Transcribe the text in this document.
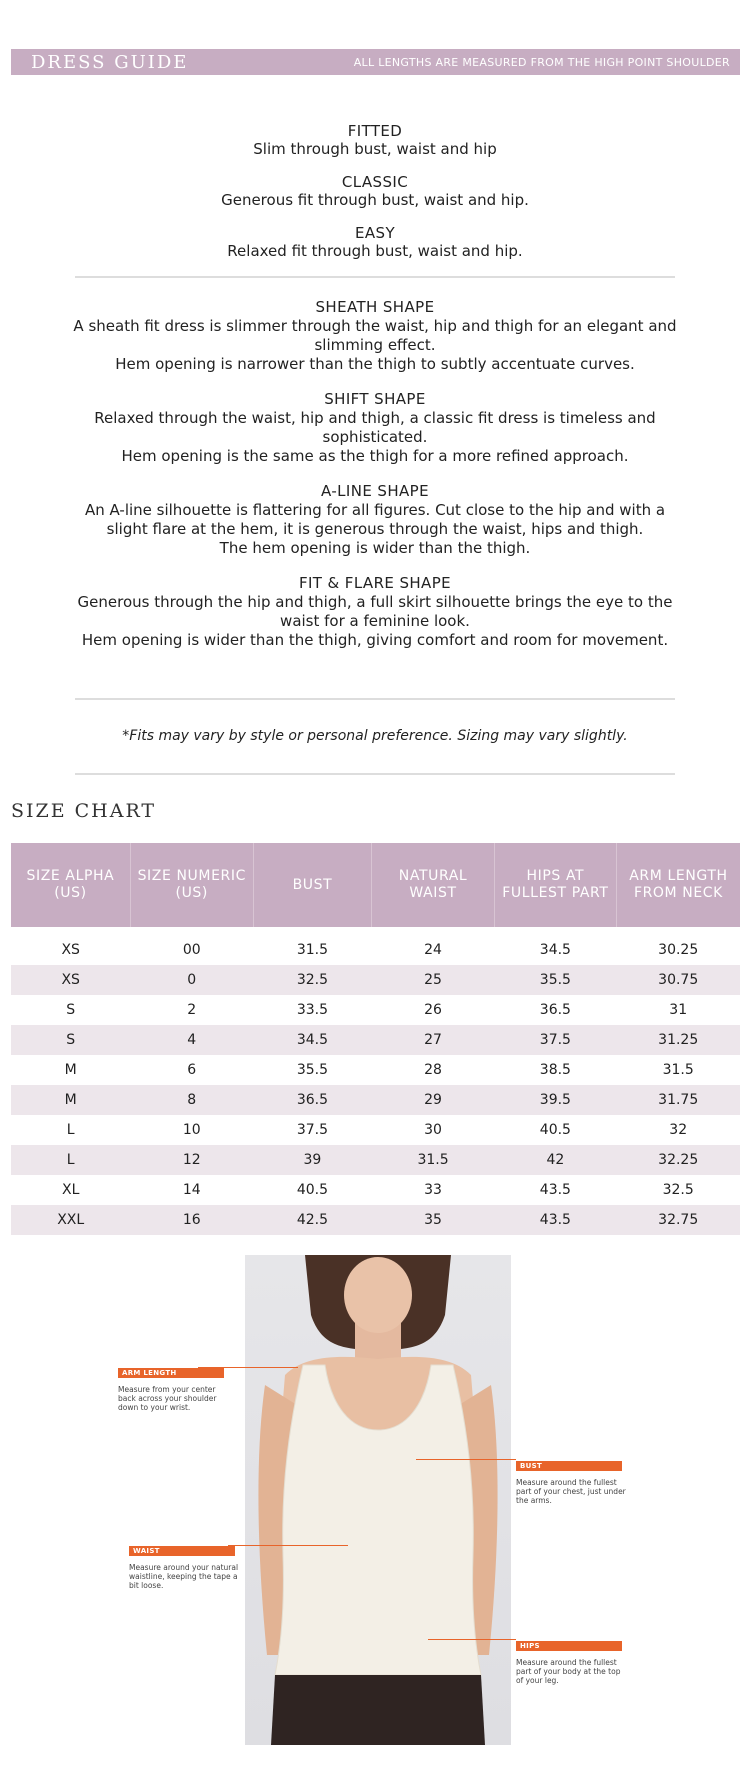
DRESS GUIDE	ALL LENGTHS ARE MEASURED FROM THE HIGH POINT SHOULDER
FITTED
Slim through bust, waist and hip
CLASSIC
Generous fit through bust, waist and hip.
EASY
Relaxed fit through bust, waist and hip.
SHEATH SHAPE
A sheath fit dress is slimmer through the waist, hip and thigh for an elegant and slimming effect.
Hem opening is narrower than the thigh to subtly accentuate curves.
SHIFT SHAPE
Relaxed through the waist, hip and thigh, a classic fit dress is timeless and sophisticated.
Hem opening is the same as the thigh for a more refined approach.
A-LINE SHAPE
An A-line silhouette is flattering for all figures. Cut close to the hip and with a slight flare at the hem, it is generous through the waist, hips and thigh.
The hem opening is wider than the thigh.
FIT & FLARE SHAPE
Generous through the hip and thigh, a full skirt silhouette brings the eye to the waist for a feminine look.
Hem opening is wider than the thigh, giving comfort and room for movement.
*Fits may vary by style or personal preference. Sizing may vary slightly.
SIZE CHART
SIZE ALPHA (US)	SIZE NUMERIC (US)	BUST	NATURAL WAIST	HIPS AT FULLEST PART	ARM LENGTH FROM NECK

XS	00	31.5	24	34.5	30.25
XS	0	32.5	25	35.5	30.75
S	2	33.5	26	36.5	31
S	4	34.5	27	37.5	31.25
M	6	35.5	28	38.5	31.5
M	8	36.5	29	39.5	31.75
L	10	37.5	30	40.5	32
L	12	39	31.5	42	32.25
XL	14	40.5	33	43.5	32.5
XXL	16	42.5	35	43.5	32.75
ARM LENGTH
Measure from your center back across your shoulder down to your wrist.
BUST
Measure around the fullest part of your chest, just under the arms.
WAIST
Measure around your natural waistline, keeping the tape a bit loose.
HIPS
Measure around the fullest part of your body at the top of your leg.
